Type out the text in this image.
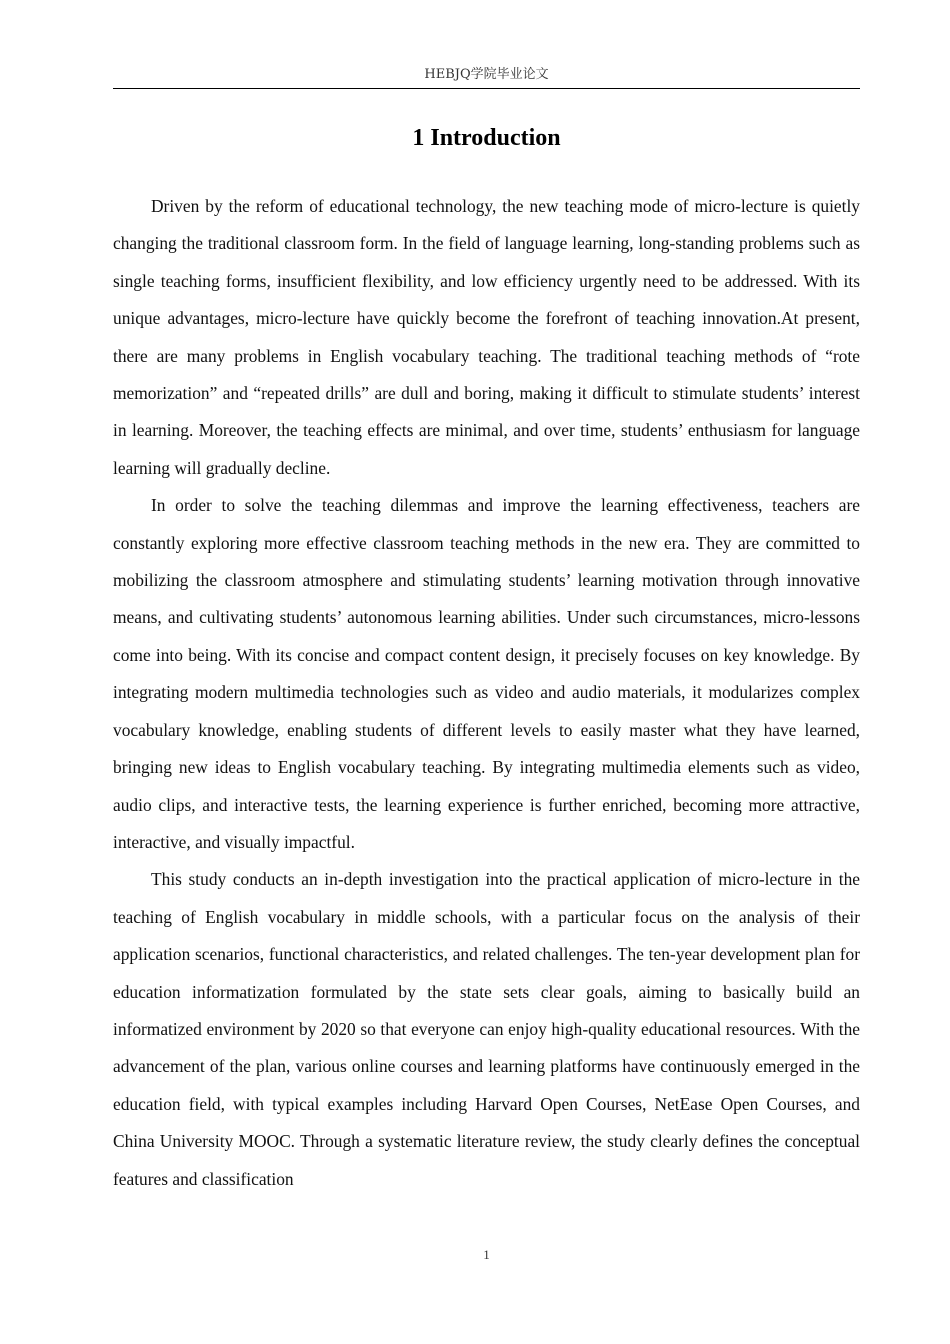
HEBJQ学院毕业论文
1 Introduction

Driven by the reform of educational technology, the new teaching mode of micro-lecture is quietly changing the traditional classroom form. In the field of language learning, long-standing problems such as single teaching forms, insufficient flexibility, and low efficiency urgently need to be addressed. With its unique advantages, micro-lecture have quickly become the forefront of teaching innovation.At present, there are many problems in English vocabulary teaching. The traditional teaching methods of “rote memorization” and “repeated drills” are dull and boring, making it difficult to stimulate students’ interest in learning. Moreover, the teaching effects are minimal, and over time, students’ enthusiasm for language learning will gradually decline.

In order to solve the teaching dilemmas and improve the learning effectiveness, teachers are constantly exploring more effective classroom teaching methods in the new era. They are committed to mobilizing the classroom atmosphere and stimulating students’ learning motivation through innovative means, and cultivating students’ autonomous learning abilities. Under such circumstances, micro-lessons come into being. With its concise and compact content design, it precisely focuses on key knowledge. By integrating modern multimedia technologies such as video and audio materials, it modularizes complex vocabulary knowledge, enabling students of different levels to easily master what they have learned, bringing new ideas to English vocabulary teaching. By integrating multimedia elements such as video, audio clips, and interactive tests, the learning experience is further enriched, becoming more attractive, interactive, and visually impactful.

This study conducts an in-depth investigation into the practical application of micro-lecture in the teaching of English vocabulary in middle schools, with a particular focus on the analysis of their application scenarios, functional characteristics, and related challenges. The ten-year development plan for education informatization formulated by the state sets clear goals, aiming to basically build an informatized environment by 2020 so that everyone can enjoy high-quality educational resources. With the advancement of the plan, various online courses and learning platforms have continuously emerged in the education field, with typical examples including Harvard Open Courses, NetEase Open Courses, and China University MOOC. Through a systematic literature review, the study clearly defines the conceptual features and classification

1
